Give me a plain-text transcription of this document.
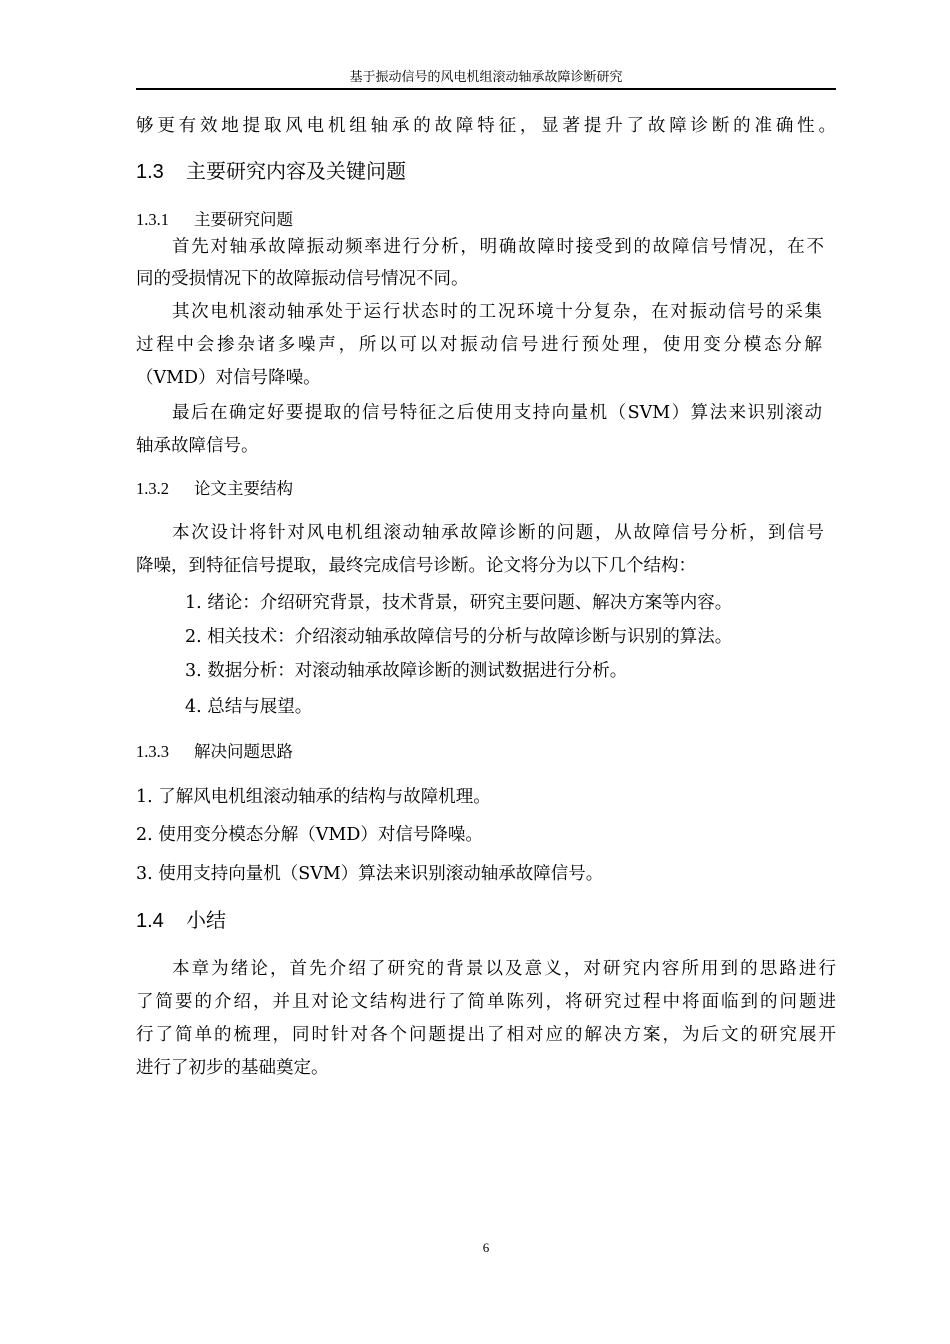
基于振动信号的风电机组滚动轴承故障诊断研究
够更有效地提取风电机组轴承的故障特征，显著提升了故障诊断的准确性。
1.3 主要研究内容及关键问题
1.3.1 主要研究问题
首先对轴承故障振动频率进行分析，明确故障时接受到的故障信号情况，在不
同的受损情况下的故障振动信号情况不同。
其次电机滚动轴承处于运行状态时的工况环境十分复杂，在对振动信号的采集
过程中会掺杂诸多噪声，所以可以对振动信号进行预处理，使用变分模态分解
（VMD）对信号降噪。
最后在确定好要提取的信号特征之后使用支持向量机（SVM）算法来识别滚动
轴承故障信号。
1.3.2 论文主要结构
本次设计将针对风电机组滚动轴承故障诊断的问题，从故障信号分析，到信号
降噪，到特征信号提取，最终完成信号诊断。论文将分为以下几个结构：
1. 绪论：介绍研究背景，技术背景，研究主要问题、解决方案等内容。
2. 相关技术：介绍滚动轴承故障信号的分析与故障诊断与识别的算法。
3. 数据分析：对滚动轴承故障诊断的测试数据进行分析。
4. 总结与展望。
1.3.3 解决问题思路
1. 了解风电机组滚动轴承的结构与故障机理。
2. 使用变分模态分解（VMD）对信号降噪。
3. 使用支持向量机（SVM）算法来识别滚动轴承故障信号。
1.4 小结
本章为绪论，首先介绍了研究的背景以及意义，对研究内容所用到的思路进行
了简要的介绍，并且对论文结构进行了简单陈列，将研究过程中将面临到的问题进
行了简单的梳理，同时针对各个问题提出了相对应的解决方案，为后文的研究展开
进行了初步的基础奠定。
6
